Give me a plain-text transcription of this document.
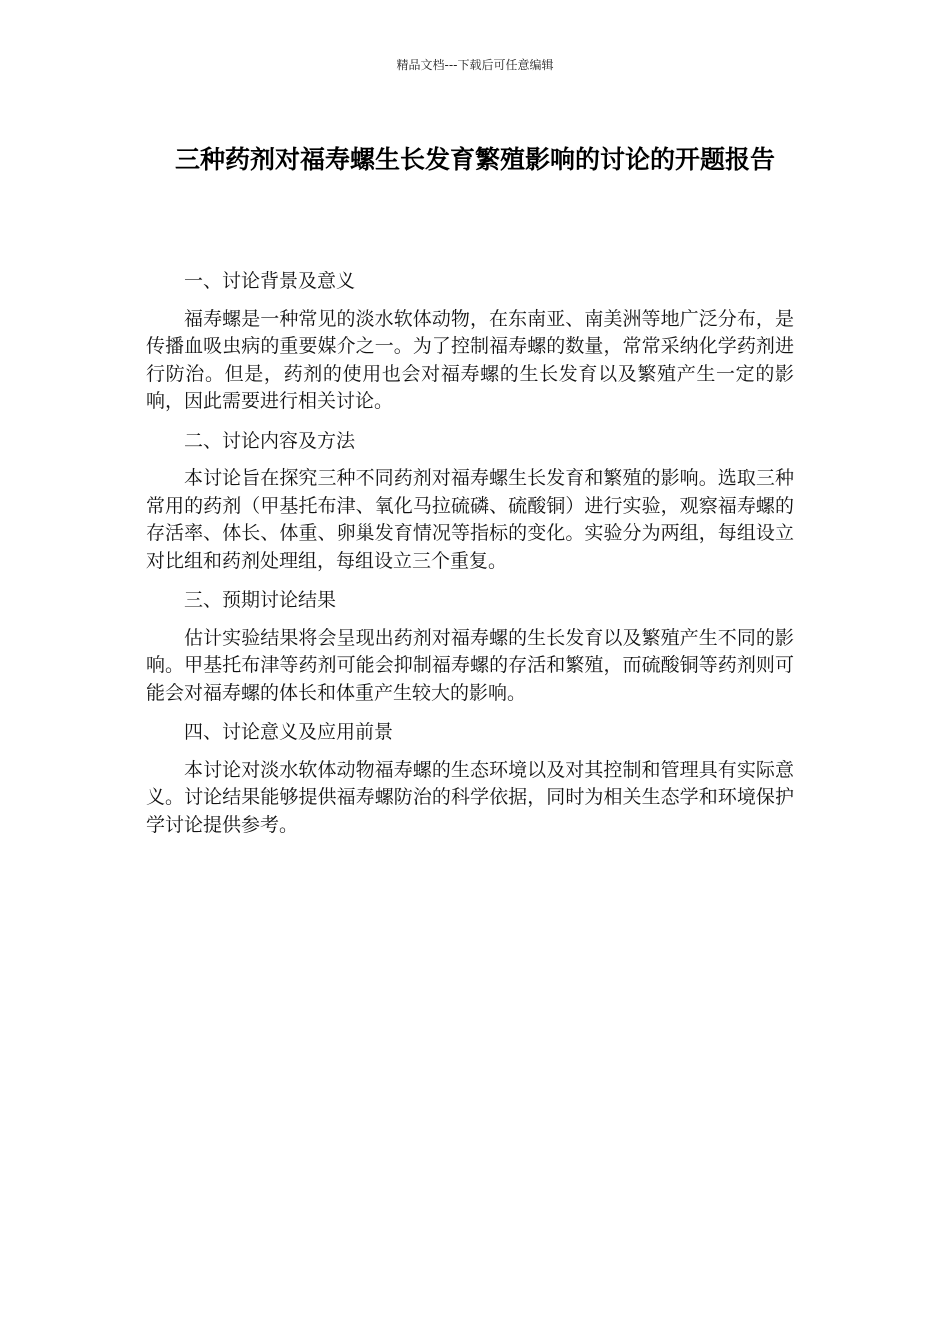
精品文档---下载后可任意编辑
三种药剂对福寿螺生长发育繁殖影响的讨论的开题报告

一、讨论背景及意义

福寿螺是一种常见的淡水软体动物，在东南亚、南美洲等地广泛分布，是传播血吸虫病的重要媒介之一。为了控制福寿螺的数量，常常采纳化学药剂进行防治。但是，药剂的使用也会对福寿螺的生长发育以及繁殖产生一定的影响，因此需要进行相关讨论。

二、讨论内容及方法

本讨论旨在探究三种不同药剂对福寿螺生长发育和繁殖的影响。选取三种常用的药剂（甲基托布津、氧化马拉硫磷、硫酸铜）进行实验，观察福寿螺的存活率、体长、体重、卵巢发育情况等指标的变化。实验分为两组，每组设立对比组和药剂处理组，每组设立三个重复。

三、预期讨论结果

估计实验结果将会呈现出药剂对福寿螺的生长发育以及繁殖产生不同的影响。甲基托布津等药剂可能会抑制福寿螺的存活和繁殖，而硫酸铜等药剂则可能会对福寿螺的体长和体重产生较大的影响。

四、讨论意义及应用前景

本讨论对淡水软体动物福寿螺的生态环境以及对其控制和管理具有实际意义。讨论结果能够提供福寿螺防治的科学依据，同时为相关生态学和环境保护学讨论提供参考。
